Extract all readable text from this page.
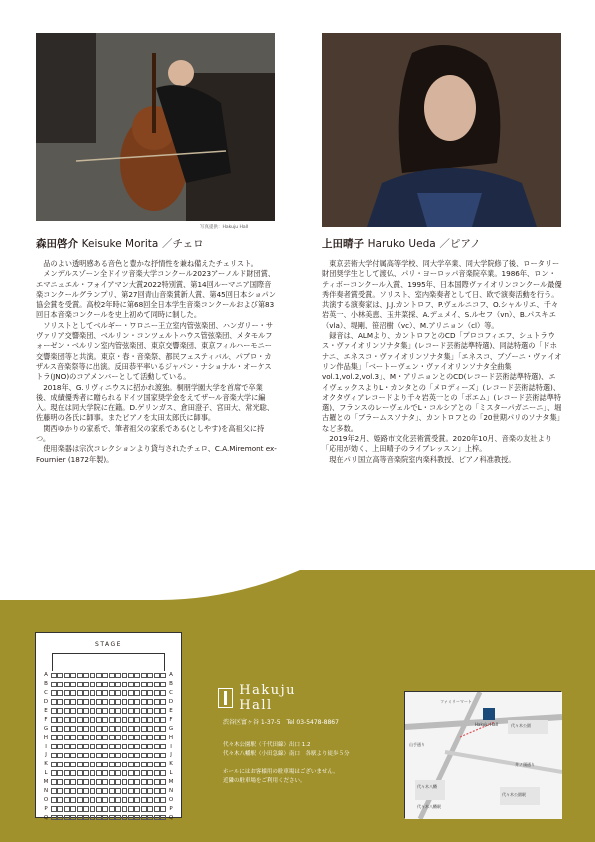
写真提供：Hakuju Hall
森田啓介 Keisuke Morita ／チェロ	上田晴子 Haruko Ueda ／ピアノ

品のよい透明感ある音色と豊かな抒情性を兼ね備えたチェリスト。

メンデルスゾーン全ドイツ音楽大学コンクール2023アーノルド財団賞、エマニュエル・フォイアマン大賞2022特別賞、第14回ルーマニア国際音楽コンクールグランプリ、第27回青山音楽賞新人賞、第45回日本ショパン協会賞を受賞。高校2年時に第68回全日本学生音楽コンクールおよび第83回日本音楽コンクールを史上初めて同時に制した。

ソリストとしてベルギー・ワロニー王立室内管弦楽団、ハンガリー・サヴァリア交響楽団、ベルリン・コンツェルトハウス管弦楽団、メタモルフォーゼン・ベルリン室内管弦楽団、東京交響楽団、東京フィルハーモニー交響楽団等と共演。東京・春・音楽祭、都民フェスティバル、パブロ・カザルス音楽祭等に出演。反田恭平率いるジャパン・ナショナル・オーケストラ(JNO)のコアメンバーとして活動している。

2018年、G.リヴィニウスに招かれ渡独。桐朋学園大学を首席で卒業後、成績優秀者に贈られるドイツ国家奨学金をえてザール音楽大学に編入。現在は同大学院に在籍。D.ゲリンガス、倉田澄子、宮田大、常光聡、佐藤明の各氏に師事。またピアノを太田太郎氏に師事。

関西ゆかりの家系で、筆者祖父の家系である(としやす)を高祖父に持つ。

使用楽器は宗次コレクションより貸与されたチェロ、C.A.Miremont ex-Fournier (1872年製)。

東京芸術大学付属高等学校、同大学卒業、同大学院修了後、ロータリー財団奨学生として渡仏、パリ・ヨーロッパ音楽院卒業。1986年、ロン・ティボーコンクール入賞、1995年、日本国際ヴァイオリンコンクール最優秀伴奏者賞受賞。ソリスト、室内楽奏者として日、欧で演奏活動を行う。共演する演奏家は、J.J.カントロフ、P.ヴェルニコフ、O.シャルリエ、千々岩英一、小林美恵、玉井菜採、A.デュメイ、S.ルセフ（vn）、B.パスキエ（vla）、堤剛、笹沼樹（vc）、M.アリニョン（cl）等。

録音は、ALMより、カントロフとのCD「プロコフィエフ、シュトラウス・ヴァイオリンソナタ集」(レコード芸術誌準特選)、同誌特選の「ドホナニ、エネスコ・ヴァイオリンソナタ集」「エネスコ、ブゾーニ・ヴァイオリン作品集」「ベートーヴェン・ヴァイオリンソナタ全曲集vol.1,vol.2,vol.3」、M・アリニョンとのCD(レコード芸術誌準特選)、エイヴェックスよりL・カンタとの「メロディーズ」(レコード芸術誌特選)、オクタヴィアレコードより千々岩英一との「ポエム」(レコード芸術誌準特選)、フランスのレーヴェルでL・コルシアとの「ミスターパガニーニ」、堀古羅との「ブラームスソナタ」、カントロフとの「20世期パリのソナタ集」など多数。

2019年2月、姫路市文化芸術賞受賞。2020年10月、音楽の友社より「応用が効く、上田晴子のライブレッスン」上梓。

現在パリ国立高等音楽院室内楽科教授、ピアノ科准教授。

STAGE
A	A
B	B
C	C
D	D
E	E
F	F
G	G
H	H
I	I
J	J
K	K
L	L
M	M
N	N
O	O
P	P
Q	Q
Hakuju Hall
渋谷区富ヶ谷 1-37-5　Tel 03-5478-8867
代々木公園駅（千代田線）出口 1.2
代々木八幡駅（小田急線）南口　各駅より徒歩５分
ホールにはお客様用の駐車場はございません。
近隣の駐車場をご利用ください。
ファミリーマート
Hakuju Hall	代々木公園
代々木八幡
代々木公園駅
代々木八幡駅
山手通り
井ノ頭通り
